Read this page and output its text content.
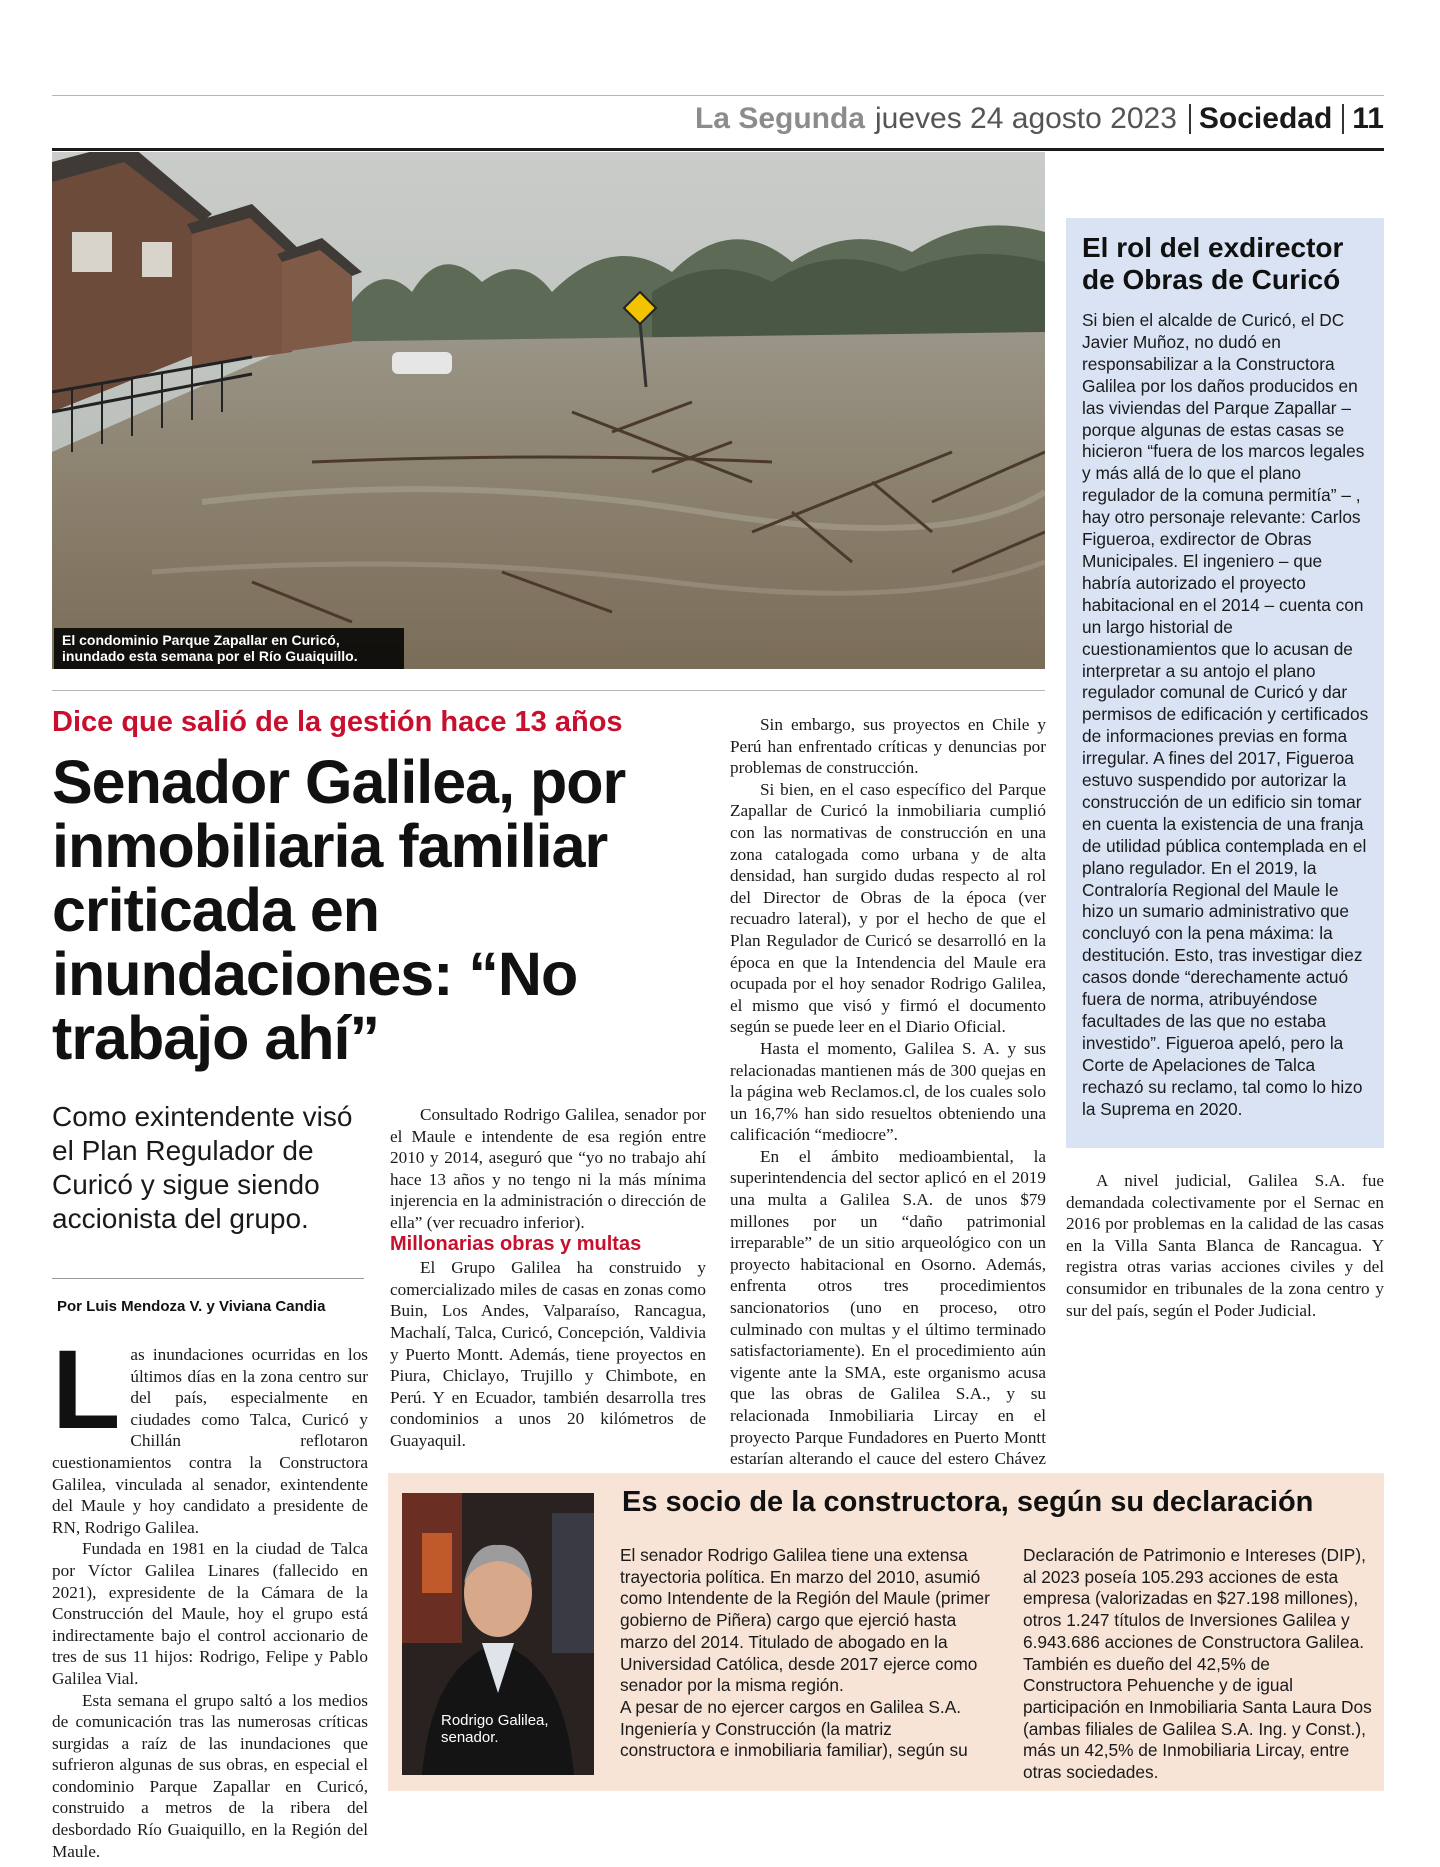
La Segunda jueves 24 agosto 2023 Sociedad 11
El condominio Parque Zapallar en Curicó,
inundado esta semana por el Río Guaiquillo.
El rol del exdirector de Obras de Curicó
Si bien el alcalde de Curicó, el DC Javier Muñoz, no dudó en responsabilizar a la Constructora Galilea por los daños producidos en las viviendas del Parque Zapallar – porque algunas de estas casas se hicieron “fuera de los marcos legales y más allá de lo que el plano regulador de la comuna permitía” – , hay otro personaje relevante: Carlos Figueroa, exdirector de Obras Municipales. El ingeniero – que habría autorizado el proyecto habitacional en el 2014 – cuenta con un largo historial de cuestionamientos que lo acusan de interpretar a su antojo el plano regulador comunal de Curicó y dar permisos de edificación y certificados de informaciones previas en forma irregular. A fines del 2017, Figueroa estuvo suspendido por autorizar la construcción de un edificio sin tomar en cuenta la existencia de una franja de utilidad pública contemplada en el plano regulador. En el 2019, la Contraloría Regional del Maule le hizo un sumario administrativo que concluyó con la pena máxima: la destitución. Esto, tras investigar diez casos donde “derechamente actuó fuera de norma, atribuyéndose facultades de las que no estaba investido”. Figueroa apeló, pero la Corte de Apelaciones de Talca rechazó su reclamo, tal como lo hizo la Suprema en 2020.
Dice que salió de la gestión hace 13 años
Senador Galilea, por inmobiliaria familiar criticada en inundaciones: “No trabajo ahí”
Como exintendente visó el Plan Regulador de Curicó y sigue siendo accionista del grupo.
Por Luis Mendoza V. y Viviana Candia

Las inundaciones ocurridas en los últimos días en la zona centro sur del país, especialmente en ciudades como Talca, Curicó y Chillán reflotaron cuestionamientos contra la Constructora Galilea, vinculada al senador, exintendente del Maule y hoy candidato a presidente de RN, Rodrigo Galilea.

Fundada en 1981 en la ciudad de Talca por Víctor Galilea Linares (fallecido en 2021), expresidente de la Cámara de la Construcción del Maule, hoy el grupo está indirectamente bajo el control accionario de tres de sus 11 hijos: Rodrigo, Felipe y Pablo Galilea Vial.

Esta semana el grupo saltó a los medios de comunicación tras las numerosas críticas surgidas a raíz de las inundaciones que sufrieron algunas de sus obras, en especial el condominio Parque Zapallar en Curicó, construido a metros de la ribera del desbordado Río Guaiquillo, en la Región del Maule.

Consultado Rodrigo Galilea, senador por el Maule e intendente de esa región entre 2010 y 2014, aseguró que “yo no trabajo ahí hace 13 años y no tengo ni la más mínima injerencia en la administración o dirección de ella” (ver recuadro inferior).

Millonarias obras y multas

El Grupo Galilea ha construido y comercializado miles de casas en zonas como Buin, Los Andes, Valparaíso, Rancagua, Machalí, Talca, Curicó, Concepción, Valdivia y Puerto Montt. Además, tiene proyectos en Piura, Chiclayo, Trujillo y Chimbote, en Perú. Y en Ecuador, también desarrolla tres condominios a unos 20 kilómetros de Guayaquil.

Sin embargo, sus proyectos en Chile y Perú han enfrentado críticas y denuncias por problemas de construcción.

Si bien, en el caso específico del Parque Zapallar de Curicó la inmobiliaria cumplió con las normativas de construcción en una zona catalogada como urbana y de alta densidad, han surgido dudas respecto al rol del Director de Obras de la época (ver recuadro lateral), y por el hecho de que el Plan Regulador de Curicó se desarrolló en la época en que la Intendencia del Maule era ocupada por el hoy senador Rodrigo Galilea, el mismo que visó y firmó el documento según se puede leer en el Diario Oficial.

Hasta el momento, Galilea S. A. y sus relacionadas mantienen más de 300 quejas en la página web Reclamos.cl, de los cuales solo un 16,7% han sido resueltos obteniendo una calificación “mediocre”.

En el ámbito medioambiental, la superintendencia del sector aplicó en el 2019 una multa a Galilea S.A. de unos $79 millones por un “daño patrimonial irreparable” de un sitio arqueológico con un proyecto habitacional en Osorno. Además, enfrenta otros tres procedimientos sancionatorios (uno en proceso, otro culminado con multas y el último terminado satisfactoriamente). En el procedimiento aún vigente ante la SMA, este organismo acusa que las obras de Galilea S.A., y su relacionada Inmobiliaria Lircay en el proyecto Parque Fundadores en Puerto Montt estarían alterando el cauce del estero Chávez

A nivel judicial, Galilea S.A. fue demandada colectivamente por el Sernac en 2016 por problemas en la calidad de las casas en la Villa Santa Blanca de Rancagua. Y registra otras varias acciones civiles y del consumidor en tribunales de la zona centro y sur del país, según el Poder Judicial.

Rodrigo Galilea,
senador.
Es socio de la constructora, según su declaración

El senador Rodrigo Galilea tiene una extensa trayectoria política. En marzo del 2010, asumió como Intendente de la Región del Maule (primer gobierno de Piñera) cargo que ejerció hasta marzo del 2014. Titulado de abogado en la Universidad Católica, desde 2017 ejerce como senador por la misma región.

A pesar de no ejercer cargos en Galilea S.A. Ingeniería y Construcción (la matriz constructora e inmobiliaria familiar), según su

Declaración de Patrimonio e Intereses (DIP), al 2023 poseía 105.293 acciones de esta empresa (valorizadas en $27.198 millones), otros 1.247 títulos de Inversiones Galilea y 6.943.686 acciones de Constructora Galilea. También es dueño del 42,5% de Constructora Pehuenche y de igual participación en Inmobiliaria Santa Laura Dos (ambas filiales de Galilea S.A. Ing. y Const.), más un 42,5% de Inmobiliaria Lircay, entre otras sociedades.
